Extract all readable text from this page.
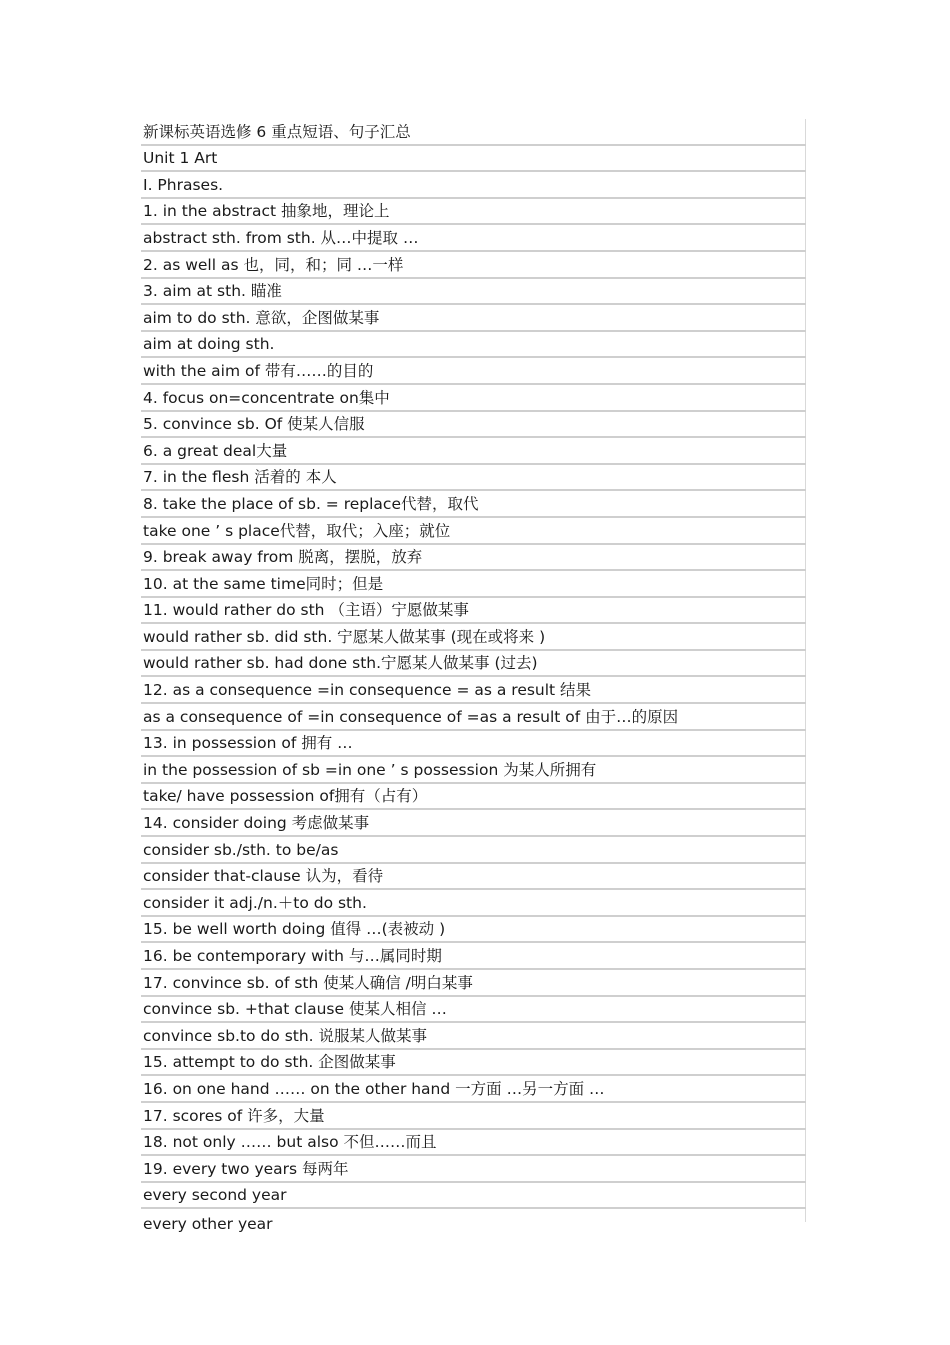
新课标英语选修 6 重点短语、句子汇总
Unit 1 Art
Ⅰ. Phrases.
1. in the abstract 抽象地，理论上
abstract sth. from sth. 从…中提取 …
2. as well as 也，同，和；同 …一样
3. aim at sth. 瞄准
aim to do sth. 意欲，企图做某事
aim at doing sth.
with the aim of 带有……的目的
4. focus on=concentrate on集中
5. convince sb. Of 使某人信服
6. a great deal大量
7. in the flesh 活着的 本人
8. take the place of sb. = replace代替，取代
take one ’ s place代替，取代；入座；就位
9. break away from 脱离，摆脱，放弃
10. at the same time同时；但是
11. would rather do sth （主语）宁愿做某事
would rather sb. did sth. 宁愿某人做某事 (现在或将来 )
would rather sb. had done sth.宁愿某人做某事 (过去)
12. as a consequence =in consequence = as a result 结果
as a consequence of =in consequence of =as a result of 由于…的原因
13. in possession of 拥有 …
in the possession of sb =in one ’ s possession 为某人所拥有
take/ have possession of拥有（占有）
14. consider doing 考虑做某事
consider sb./sth. to be/as
consider that-clause 认为，看待
consider it adj./n.＋to do sth.
15. be well worth doing 值得 …(表被动 )
16. be contemporary with 与…属同时期
17. convince sb. of sth 使某人确信 /明白某事
convince sb. +that clause 使某人相信 …
convince sb.to do sth. 说服某人做某事
15. attempt to do sth. 企图做某事
16. on one hand …… on the other hand 一方面 …另一方面 …
17. scores of 许多，大量
18. not only …… but also 不但……而且
19. every two years 每两年
every second year
every other year
